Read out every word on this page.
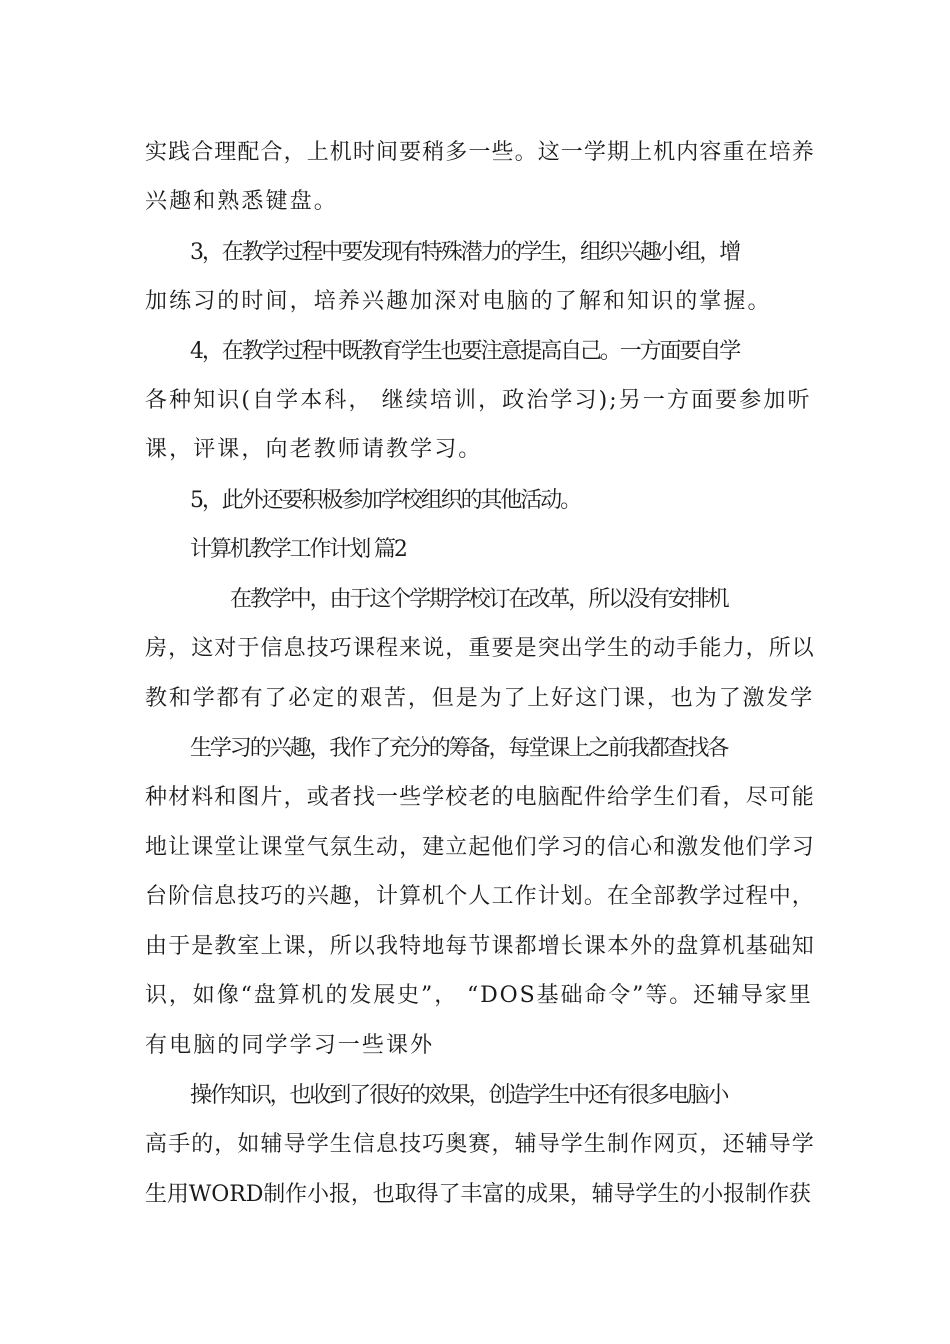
实践合理配合，上机时间要稍多一些。这一学期上机内容重在培养
兴趣和熟悉键盘。
3，在教学过程中要发现有特殊潜力的学生，组织兴趣小组，增
加练习的时间，培养兴趣加深对电脑的了解和知识的掌握。
4，在教学过程中既教育学生也要注意提高自己。一方面要自学
各种知识(自学本科， 继续培训，政治学习);另一方面要参加听
课，评课，向老教师请教学习。
5，此外还要积极参加学校组织的其他活动。
计算机教学工作计划 篇2
在教学中，由于这个学期学校订在改革，所以没有安排机
房，这对于信息技巧课程来说，重要是突出学生的动手能力，所以
教和学都有了必定的艰苦，但是为了上好这门课，也为了激发学
生学习的兴趣，我作了充分的筹备，每堂课上之前我都查找各
种材料和图片，或者找一些学校老的电脑配件给学生们看，尽可能
地让课堂让课堂气氛生动，建立起他们学习的信心和激发他们学习
台阶信息技巧的兴趣，计算机个人工作计划。在全部教学过程中，
由于是教室上课，所以我特地每节课都增长课本外的盘算机基础知
识，如像“盘算机的发展史”， “DOS基础命令”等。还辅导家里
有电脑的同学学习一些课外
操作知识，也收到了很好的效果，创造学生中还有很多电脑小
高手的，如辅导学生信息技巧奥赛，辅导学生制作网页，还辅导学
生用WORD制作小报，也取得了丰富的成果，辅导学生的小报制作获
